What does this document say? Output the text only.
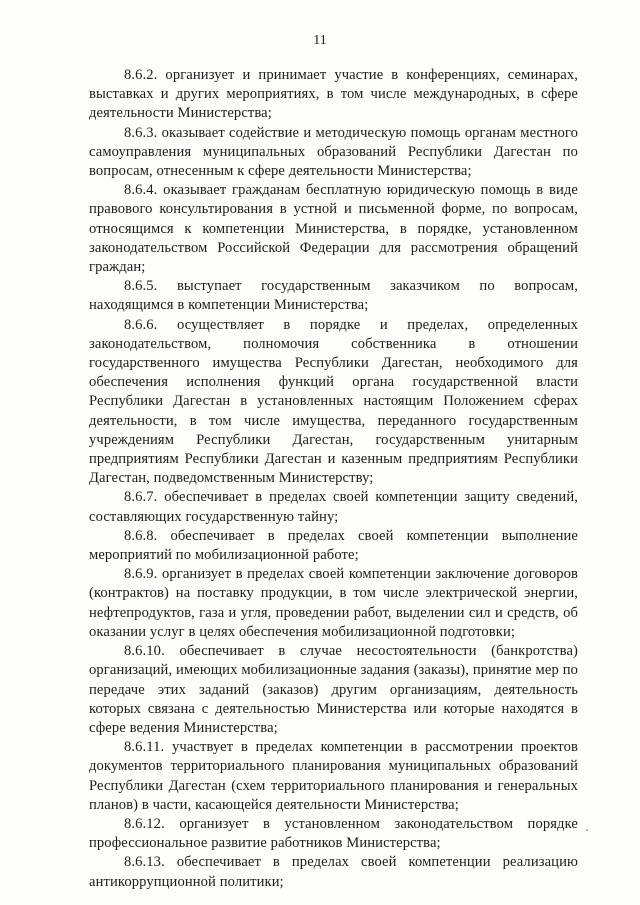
11

8.6.2. организует и принимает участие в конференциях, семинарах, выставках и других мероприятиях, в том числе международных, в сфере деятельности Министерства;

8.6.3. оказывает содействие и методическую помощь органам местного самоуправления муниципальных образований Республики Дагестан по вопросам, отнесенным к сфере деятельности Министерства;

8.6.4. оказывает гражданам бесплатную юридическую помощь в виде правового консультирования в устной и письменной форме, по вопросам, относящимся к компетенции Министерства, в порядке, установленном законодательством Российской Федерации для рассмотрения обращений граждан;

8.6.5. выступает государственным заказчиком по вопросам, находящимся в компетенции Министерства;

8.6.6. осуществляет в порядке и пределах, определенных законодательством, полномочия собственника в отношении государственного имущества Республики Дагестан, необходимого для обеспечения исполнения функций органа государственной власти Республики Дагестан в установленных настоящим Положением сферах деятельности, в том числе имущества, переданного государственным учреждениям Республики Дагестан, государственным унитарным предприятиям Республики Дагестан и казенным предприятиям Республики Дагестан, подведомственным Министерству;

8.6.7. обеспечивает в пределах своей компетенции защиту сведений, составляющих государственную тайну;

8.6.8. обеспечивает в пределах своей компетенции выполнение мероприятий по мобилизационной работе;

8.6.9. организует в пределах своей компетенции заключение договоров (контрактов) на поставку продукции, в том числе электрической энергии, нефтепродуктов, газа и угля, проведении работ, выделении сил и средств, об оказании услуг в целях обеспечения мобилизационной подготовки;

8.6.10. обеспечивает в случае несостоятельности (банкротства) организаций, имеющих мобилизационные задания (заказы), принятие мер по передаче этих заданий (заказов) другим организациям, деятельность которых связана с деятельностью Министерства или которые находятся в сфере ведения Министерства;

8.6.11. участвует в пределах компетенции в рассмотрении проектов документов территориального планирования муниципальных образований Республики Дагестан (схем территориального планирования и генеральных планов) в части, касающейся деятельности Министерства;

8.6.12. организует в установленном законодательством порядке профессиональное развитие работников Министерства;

8.6.13. обеспечивает в пределах своей компетенции реализацию антикоррупционной политики;
